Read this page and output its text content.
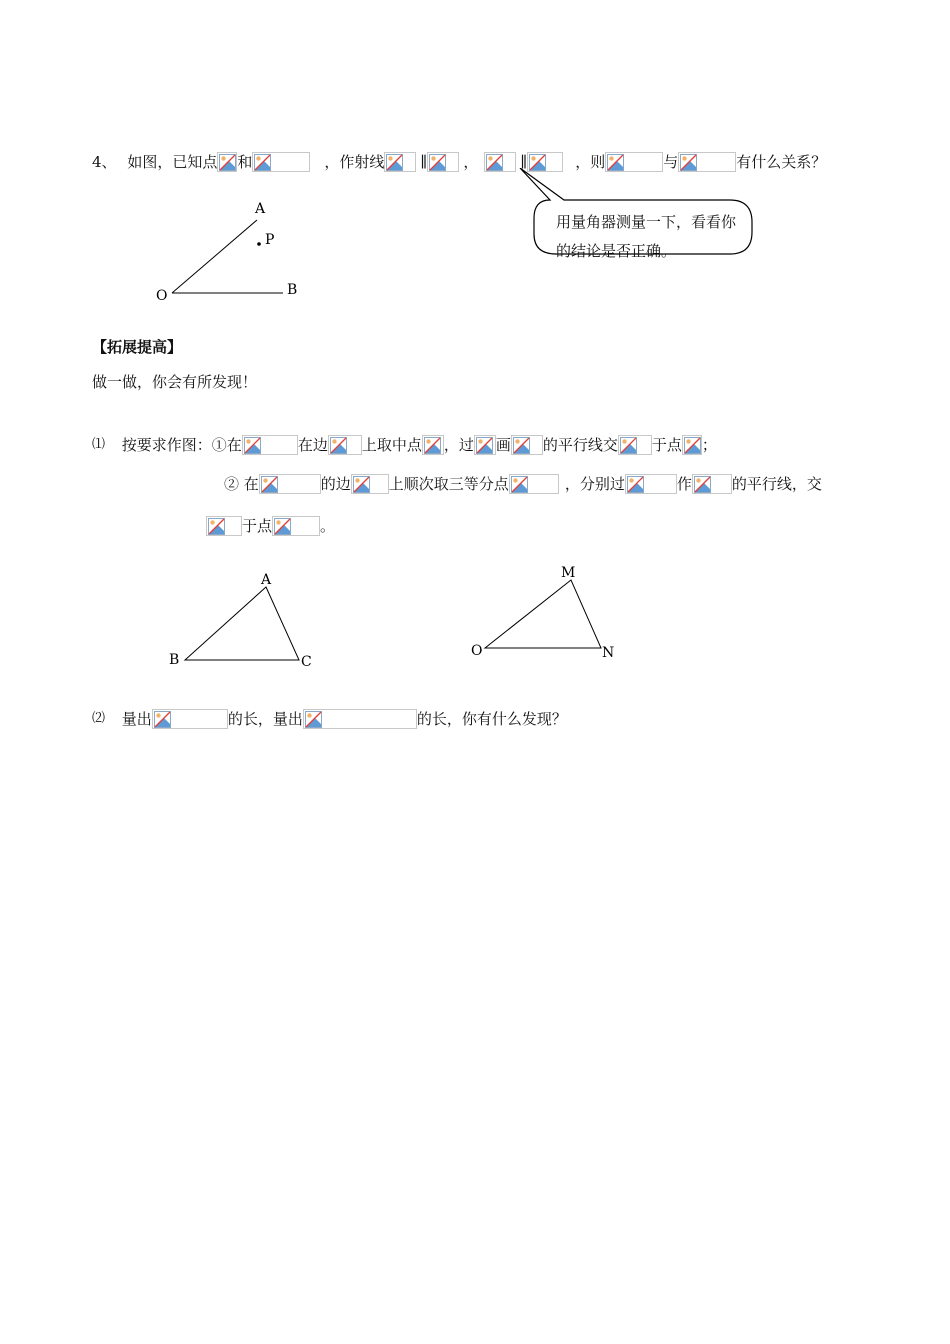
4、 如图，已知点 和	，作射线 ∥ ，	∥	，则	与	有什么关系？
用量角器测量一下，看看你的结论是否正确。
A
P
O	B
【拓展提高】
做一做，你会有所发现！
⑴ 按要求作图：①在	在边 上取中点 ，过 画 的平行线交 于点 ；
② 在	的边	上顺次取三等分点	，分别过	作	的平行线，交
于点	。
A
B	C
M
O	N
⑵ 量出	的长，量出	的长，你有什么发现？
